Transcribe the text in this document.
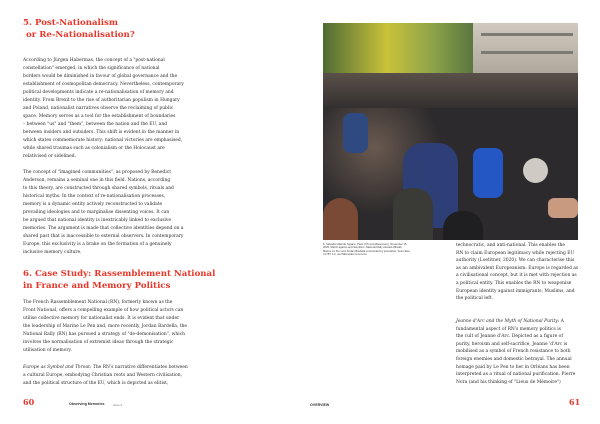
5. Post-Nationalism
or Re-Nationalisation?
According to Jürgen Habermas, the concept of a "post-national
constellation" emerged, in which the significance of national
borders would be diminished in favour of global governance and the
establishment of cosmopolitan democracy. Nevertheless, contemporary
political developments indicate a re-nationalisation of memory and
identity. From Brexit to the rise of authoritarian populism in Hungary
and Poland, nationalist narratives observe the reclaiming of public
space. Memory serves as a tool for the establishment of boundaries
– between "us" and "them", between the nation and the EU, and
between insiders and outsiders. This shift is evident in the manner in
which states commemorate history: national victories are emphasised,
while shared traumas such as colonialism or the Holocaust are
relativised or sidelined.
The concept of "imagined communities", as proposed by Benedict
Anderson, remains a seminal one in this field. Nations, according
to this theory, are constructed through shared symbols, rituals and
historical myths. In the context of re-nationalisation processes,
memory is a dynamic entity actively reconstructed to validate
prevailing ideologies and to marginalise dissenting voices. It can
be argued that national identity is inextricably linked to exclusive
memories. The argument is made that collective identities depend on a
shared past that is inaccessible to external observers. In contemporary
Europe, this exclusivity is a brake on the formation of a genuinely
inclusive memory culture.
6. Case Study: Rassemblement National
in France and Memory Politics
The French Rassemblement National (RN), formerly known as the
Front National, offers a compelling example of how political actors can
utilise collective memory for nationalist ends. It is evident that under
the leadership of Marine Le Pen and, more recently, Jordan Bardella, the
National Rally (RN) has pursued a strategy of "de-demonisation", which
involves the normalisation of extremist ideas through the strategic
utilisation of memory.
Europe as Symbol and Threat: The RN's narrative differentiates between
a cultural Europe, embodying Christian roots and Western civilisation,
and the political structure of the EU, which is depicted as elitist,
60	Observing Memories	Issue 9
5. Salvador Allende Square, Paris (7th arrondissement), November 15, 2025. March against anti-Semitism. National Rally elected officials, Marine Le Pen and Jordan Bardella surrounded by journalists. Siren Elen, CC BY 4.0, via Wikimedia Commons
technocratic, and anti-national. This enables the
RN to claim European legitimacy while rejecting EU
authority (Loetitner, 2020). We can characterise this
as an ambivalent Europeanism: Europe is regarded as
a civilisational concept, but it is met with rejection as
a political entity. This enables the RN to weaponise
European identity against immigrants, Muslims, and
the political left.
Jeanne d'Arc and the Myth of National Purity: A
fundamental aspect of RN's memory politics is
the cult of Jeanne d'Arc. Depicted as a figure of
purity, heroism and self-sacrifice, Jeanne 'd'Arc is
mobilised as a symbol of French resistance to both
foreign enemies and domestic betrayal. The annual
homage paid by Le Pen to her in Orléans has been
interpreted as a ritual of national purification. Pierre
Nora (and his thinking of "Lieux de Mémoire")
OVERVIEW	61
